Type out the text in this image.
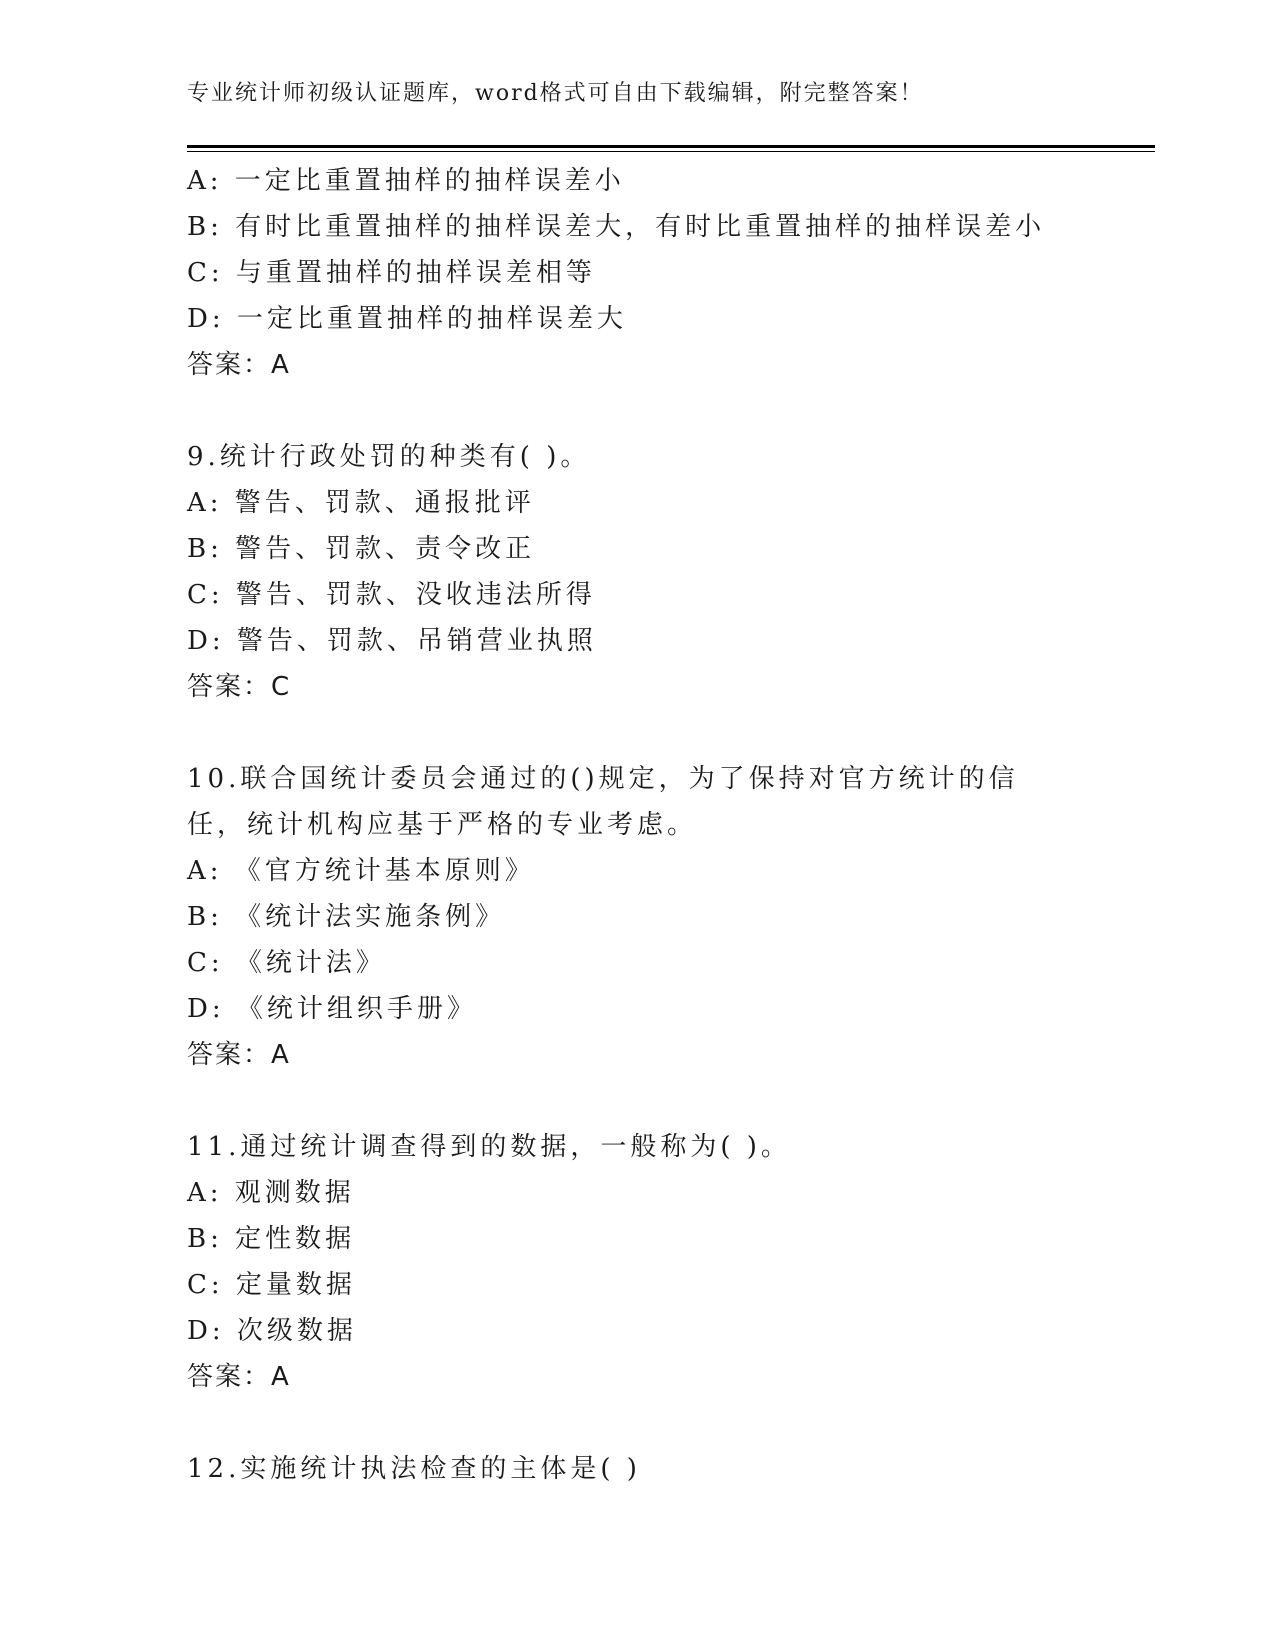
专业统计师初级认证题库，word格式可自由下载编辑，附完整答案！
A: 一定比重置抽样的抽样误差小
B: 有时比重置抽样的抽样误差大，有时比重置抽样的抽样误差小
C: 与重置抽样的抽样误差相等
D: 一定比重置抽样的抽样误差大
答案：A
9.统计行政处罚的种类有( )。
A: 警告、罚款、通报批评
B: 警告、罚款、责令改正
C: 警告、罚款、没收违法所得
D: 警告、罚款、吊销营业执照
答案：C
10.联合国统计委员会通过的()规定，为了保持对官方统计的信任，统计机构应基于严格的专业考虑。
A: 《官方统计基本原则》
B: 《统计法实施条例》
C: 《统计法》
D: 《统计组织手册》
答案：A
11.通过统计调查得到的数据，一般称为( )。
A: 观测数据
B: 定性数据
C: 定量数据
D: 次级数据
答案：A
12.实施统计执法检查的主体是( )
